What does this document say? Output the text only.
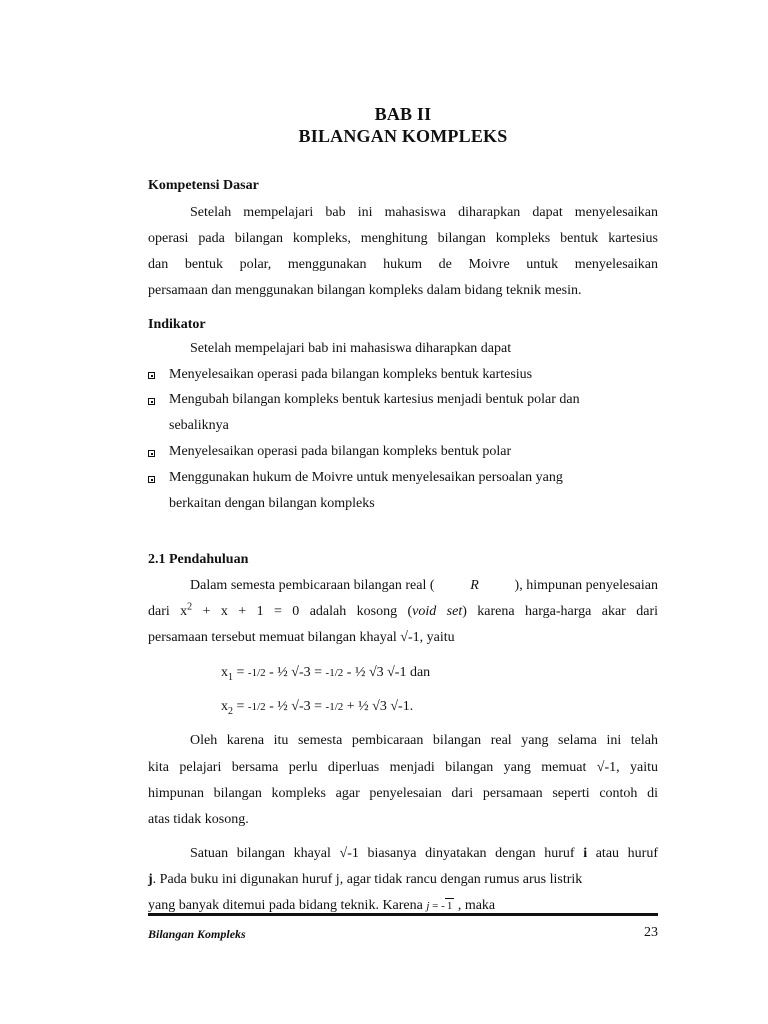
BAB II
BILANGAN KOMPLEKS
Kompetensi Dasar
Setelah mempelajari bab ini mahasiswa diharapkan dapat menyelesaikan
operasi pada bilangan kompleks, menghitung bilangan kompleks bentuk kartesius
dan bentuk polar, menggunakan hukum de Moivre untuk menyelesaikan
persamaan dan menggunakan bilangan kompleks dalam bidang teknik mesin.
Indikator
Setelah mempelajari bab ini mahasiswa diharapkan dapat
Menyelesaikan operasi pada bilangan kompleks bentuk kartesius
Mengubah bilangan kompleks bentuk kartesius menjadi bentuk polar dan
sebaliknya
Menyelesaikan operasi pada bilangan kompleks bentuk polar
Menggunakan hukum de Moivre untuk menyelesaikan persoalan yang
berkaitan dengan bilangan kompleks
2.1 Pendahuluan
Dalam semesta pembicaraan bilangan real (	R	), himpunan penyelesaian
dari $x^2 + x + 1 = 0$ adalah kosong (void set) karena harga-harga akar dari
persamaan tersebut memuat bilangan khayal √-1, yaitu
$x_1 = -1/2$ - ½ √-3 = -1/2 - ½ √3 √-1 dan
$x_2 = -1/2$ - ½ √-3 = -1/2 + ½ √3 √-1.
Oleh karena itu semesta pembicaraan bilangan real yang selama ini telah
kita pelajari bersama perlu diperluas menjadi bilangan yang memuat √-1, yaitu
himpunan bilangan kompleks agar penyelesaian dari persamaan seperti contoh di
atas tidak kosong.
Satuan bilangan khayal √-1 biasanya dinyatakan dengan huruf i atau huruf
j. Pada buku ini digunakan huruf j, agar tidak rancu dengan rumus arus listrik
yang banyak ditemui pada bidang teknik. Karena j = - 1 , maka
Bilangan Kompleks	23
